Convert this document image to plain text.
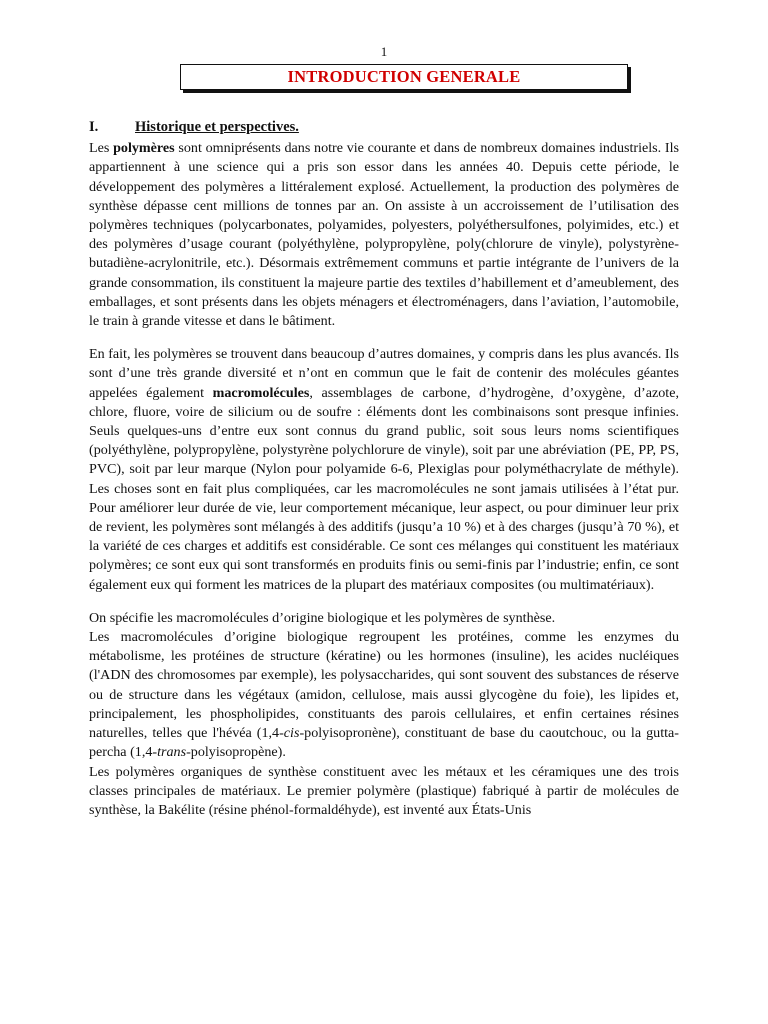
1
INTRODUCTION GENERALE
I.	Historique et perspectives.

Les polymères sont omniprésents dans notre vie courante et dans de nombreux domaines industriels. Ils appartiennent à une science qui a pris son essor dans les années 40. Depuis cette période, le développement des polymères a littéralement explosé. Actuellement, la production des polymères de synthèse dépasse cent millions de tonnes par an. On assiste à un accroissement de l’utilisation des polymères techniques (polycarbonates, polyamides, polyesters, polyéthersulfones, polyimides, etc.) et des polymères d’usage courant (polyéthylène, polypropylène, poly(chlorure de vinyle), polystyrène-butadiène-acrylonitrile, etc.). Désormais extrêmement communs et partie intégrante de l’univers de la grande consommation, ils constituent la majeure partie des textiles d’habillement et d’ameublement, des emballages, et sont présents dans les objets ménagers et électroménagers, dans l’aviation, l’automobile, le train à grande vitesse et dans le bâtiment.

En fait, les polymères se trouvent dans beaucoup d’autres domaines, y compris dans les plus avancés. Ils sont d’une très grande diversité et n’ont en commun que le fait de contenir des molécules géantes appelées également macromolécules, assemblages de carbone, d’hydrogène, d’oxygène, d’azote, chlore, fluore, voire de silicium ou de soufre : éléments dont les combinaisons sont presque infinies. Seuls quelques-uns d’entre eux sont connus du grand public, soit sous leurs noms scientifiques (polyéthylène, polypropylène, polystyrène polychlorure de vinyle), soit par une abréviation (PE, PP, PS, PVC), soit par leur marque (Nylon pour polyamide 6-6, Plexiglas pour polyméthacrylate de méthyle). Les choses sont en fait plus compliquées, car les macromolécules ne sont jamais utilisées à l’état pur. Pour améliorer leur durée de vie, leur comportement mécanique, leur aspect, ou pour diminuer leur prix de revient, les polymères sont mélangés à des additifs (jusqu’a 10 %) et à des charges (jusqu’à 70 %), et la variété de ces charges et additifs est considérable. Ce sont ces mélanges qui constituent les matériaux polymères; ce sont eux qui sont transformés en produits finis ou semi-finis par l’industrie; enfin, ce sont également eux qui forment les matrices de la plupart des matériaux composites (ou multimatériaux).

On spécifie les macromolécules d’origine biologique et les polymères de synthèse.

Les macromolécules d’origine biologique regroupent les protéines, comme les enzymes du métabolisme, les protéines de structure (kératine) ou les hormones (insuline), les acides nucléiques (l'ADN des chromosomes par exemple), les polysaccharides, qui sont souvent des substances de réserve ou de structure dans les végétaux (amidon, cellulose, mais aussi glycogène du foie), les lipides et, principalement, les phospholipides, constituants des parois cellulaires, et enfin certaines résines naturelles, telles que l'hévéa (1,4-cis-polyisoprопène), constituant de base du caoutchouc, ou la gutta-percha (1,4-trans-polyisopropène).

Les polymères organiques de synthèse constituent avec les métaux et les céramiques une des trois classes principales de matériaux. Le premier polymère (plastique) fabriqué à partir de molécules de synthèse, la Bakélite (résine phénol-formaldéhyde), est inventé aux États-Unis
